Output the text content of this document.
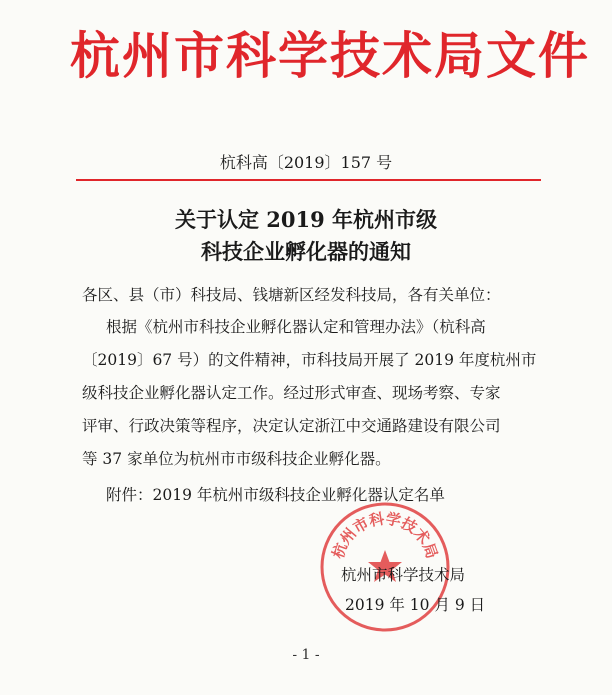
杭州市科学技术局文件
杭科高〔2019〕157 号
关于认定 2019 年杭州市级
科技企业孵化器的通知
各区、县（市）科技局、钱塘新区经发科技局，各有关单位：
根据《杭州市科技企业孵化器认定和管理办法》（杭科高
〔2019〕67 号）的文件精神，市科技局开展了 2019 年度杭州市
级科技企业孵化器认定工作。经过形式审查、现场考察、专家
评审、行政决策等程序，决定认定浙江中交通路建设有限公司
等 37 家单位为杭州市市级科技企业孵化器。
附件：2019 年杭州市级科技企业孵化器认定名单
杭州市科学技术局
杭州市科学技术局
2019 年 10 月 9 日
- 1 -
